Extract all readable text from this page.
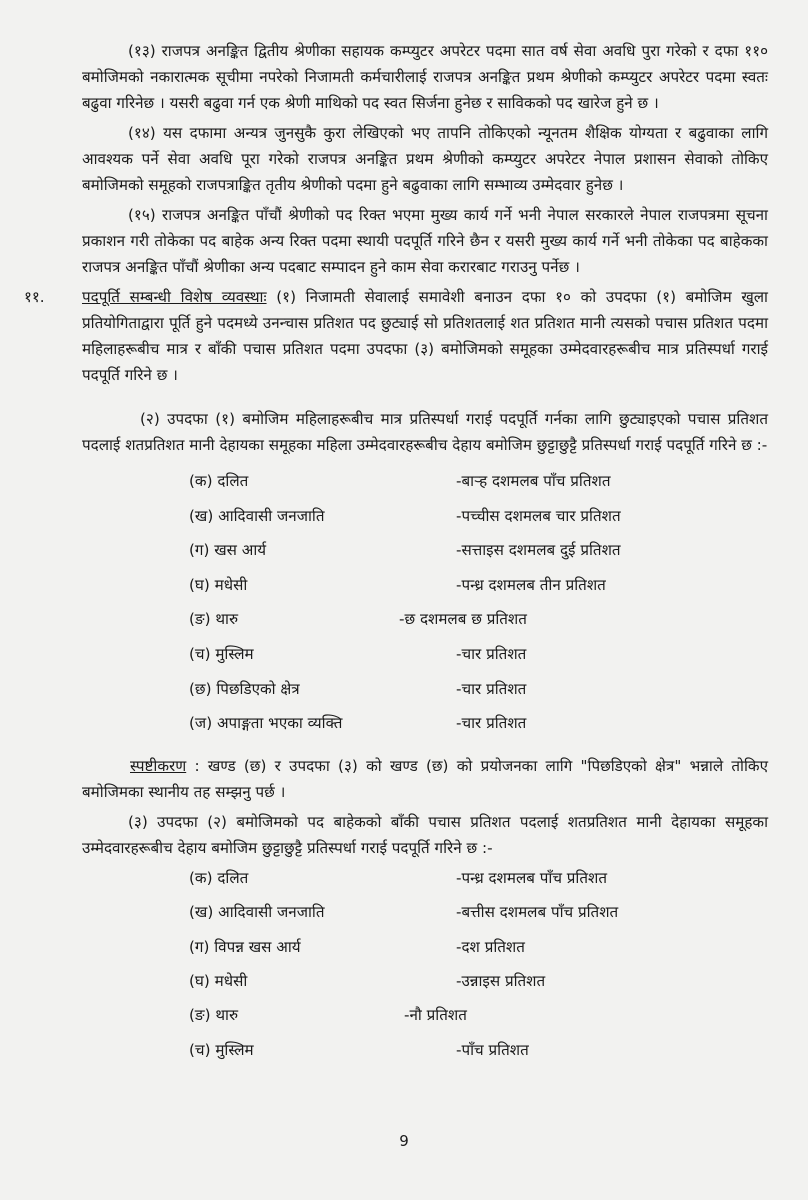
(१३) राजपत्र अनङ्कित द्वितीय श्रेणीका सहायक कम्प्युटर अपरेटर पदमा सात वर्ष सेवा अवधि पुरा गरेको र दफा ११० बमोजिमको नकारात्मक सूचीमा नपरेको निजामती कर्मचारीलाई राजपत्र अनङ्कित प्रथम श्रेणीको कम्प्युटर अपरेटर पदमा स्वतः बढुवा गरिनेछ । यसरी बढुवा गर्न एक श्रेणी माथिको पद स्वत सिर्जना हुनेछ र साविकको पद खारेज हुने छ ।

(१४) यस दफामा अन्यत्र जुनसुकै कुरा लेखिएको भए तापनि तोकिएको न्यूनतम शैक्षिक योग्यता र बढुवाका लागि आवश्यक पर्ने सेवा अवधि पूरा गरेको राजपत्र अनङ्कित प्रथम श्रेणीको कम्प्युटर अपरेटर नेपाल प्रशासन सेवाको तोकिए बमोजिमको समूहको राजपत्राङ्कित तृतीय श्रेणीको पदमा हुने बढुवाका लागि सम्भाव्य उम्मेदवार हुनेछ ।

(१५) राजपत्र अनङ्कित पाँचौं श्रेणीको पद रिक्त भएमा मुख्य कार्य गर्ने भनी नेपाल सरकारले नेपाल राजपत्रमा सूचना प्रकाशन गरी तोकेका पद बाहेक अन्य रिक्त पदमा स्थायी पदपूर्ति गरिने छैन र यसरी मुख्य कार्य गर्ने भनी तोकेका पद बाहेकका राजपत्र अनङ्कित पाँचौं श्रेणीका अन्य पदबाट सम्पादन हुने काम सेवा करारबाट गराउनु पर्नेछ ।

११. पदपूर्ति सम्बन्धी विशेष व्यवस्थाः (१) निजामती सेवालाई समावेशी बनाउन दफा १० को उपदफा (१) बमोजिम खुला प्रतियोगिताद्वारा पूर्ति हुने पदमध्ये उनन्चास प्रतिशत पद छुट्याई सो प्रतिशतलाई शत प्रतिशत मानी त्यसको पचास प्रतिशत पदमा महिलाहरूबीच मात्र र बाँकी पचास प्रतिशत पदमा उपदफा (३) बमोजिमको समूहका उम्मेदवारहरूबीच मात्र प्रतिस्पर्धा गराई पदपूर्ति गरिने छ ।

(२) उपदफा (१) बमोजिम महिलाहरूबीच मात्र प्रतिस्पर्धा गराई पदपूर्ति गर्नका लागि छुट्याइएको पचास प्रतिशत पदलाई शतप्रतिशत मानी देहायका समूहका महिला उम्मेदवारहरूबीच देहाय बमोजिम छुट्टाछुट्टै प्रतिस्पर्धा गराई पदपूर्ति गरिने छ :-

(क) दलित	-बाऱ्ह दशमलब पाँच प्रतिशत
(ख) आदिवासी जनजाति	-पच्चीस दशमलब चार प्रतिशत
(ग) खस आर्य	-सत्ताइस दशमलब दुई प्रतिशत
(घ) मधेसी	-पन्ध्र दशमलब तीन प्रतिशत
(ङ) थारु	-छ दशमलब छ प्रतिशत
(च) मुस्लिम	-चार प्रतिशत
(छ) पिछडिएको क्षेत्र	-चार प्रतिशत
(ज) अपाङ्गता भएका व्यक्ति	-चार प्रतिशत

स्पष्टीकरण : खण्ड (छ) र उपदफा (३) को खण्ड (छ) को प्रयोजनका लागि "पिछडिएको क्षेत्र" भन्नाले तोकिए बमोजिमका स्थानीय तह सम्झनु पर्छ ।

(३) उपदफा (२) बमोजिमको पद बाहेकको बाँकी पचास प्रतिशत पदलाई शतप्रतिशत मानी देहायका समूहका उम्मेदवारहरूबीच देहाय बमोजिम छुट्टाछुट्टै प्रतिस्पर्धा गराई पदपूर्ति गरिने छ :-

(क) दलित	-पन्ध्र दशमलब पाँच प्रतिशत
(ख) आदिवासी जनजाति	-बत्तीस दशमलब पाँच प्रतिशत
(ग) विपन्न खस आर्य	-दश प्रतिशत
(घ) मधेसी	-उन्नाइस प्रतिशत
(ङ) थारु	-नौ प्रतिशत
(च) मुस्लिम	-पाँच प्रतिशत
9
